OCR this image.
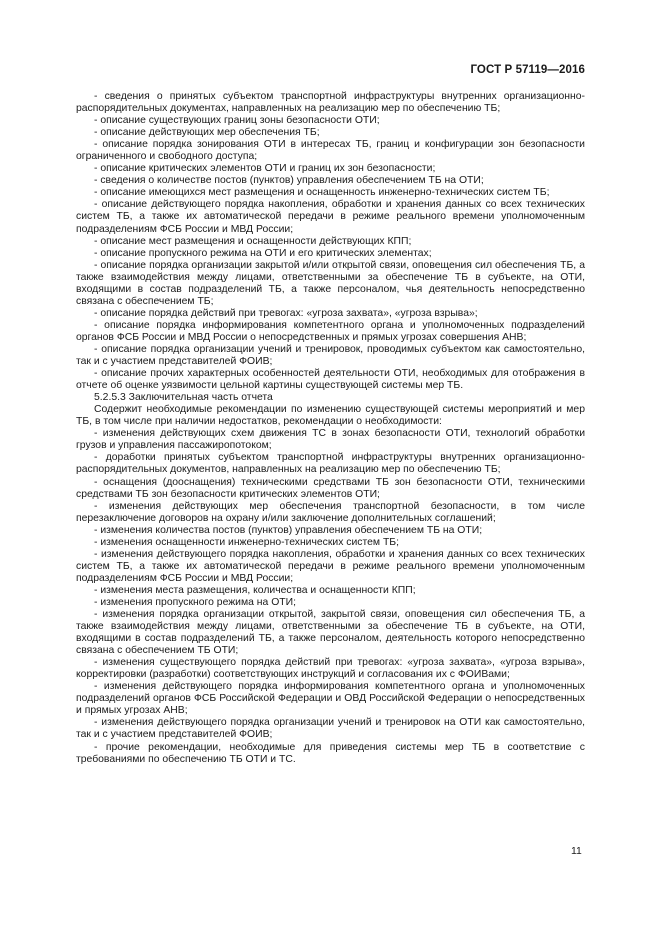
ГОСТ Р 57119—2016

- сведения о принятых субъектом транспортной инфраструктуры внутренних организационно-распорядительных документах, направленных на реализацию мер по обеспечению ТБ;

- описание существующих границ зоны безопасности ОТИ;

- описание действующих мер обеспечения ТБ;

- описание порядка зонирования ОТИ в интересах ТБ, границ и конфигурации зон безопасности ограниченного и свободного доступа;

- описание критических элементов ОТИ и границ их зон безопасности;

- сведения о количестве постов (пунктов) управления обеспечением ТБ на ОТИ;

- описание имеющихся мест размещения и оснащенность инженерно-технических систем ТБ;

- описание действующего порядка накопления, обработки и хранения данных со всех технических систем ТБ, а также их автоматической передачи в режиме реального времени уполномоченным подразделениям ФСБ России и МВД России;

- описание мест размещения и оснащенности действующих КПП;

- описание пропускного режима на ОТИ и его критических элементах;

- описание порядка организации закрытой и/или открытой связи, оповещения сил обеспечения ТБ, а также взаимодействия между лицами, ответственными за обеспечение ТБ в субъекте, на ОТИ, входящими в состав подразделений ТБ, а также персоналом, чья деятельность непосредственно связана с обеспечением ТБ;

- описание порядка действий при тревогах: «угроза захвата», «угроза взрыва»;

- описание порядка информирования компетентного органа и уполномоченных подразделений органов ФСБ России и МВД России о непосредственных и прямых угрозах совершения АНВ;

- описание порядка организации учений и тренировок, проводимых субъектом как самостоятельно, так и с участием представителей ФОИВ;

- описание прочих характерных особенностей деятельности ОТИ, необходимых для отображения в отчете об оценке уязвимости цельной картины существующей системы мер ТБ.

5.2.5.3 Заключительная часть отчета

Содержит необходимые рекомендации по изменению существующей системы мероприятий и мер ТБ, в том числе при наличии недостатков, рекомендации о необходимости:

- изменения действующих схем движения ТС в зонах безопасности ОТИ, технологий обработки грузов и управления пассажиропотоком;

- доработки принятых субъектом транспортной инфраструктуры внутренних организационно-распорядительных документов, направленных на реализацию мер по обеспечению ТБ;

- оснащения (дооснащения) техническими средствами ТБ зон безопасности ОТИ, техническими средствами ТБ зон безопасности критических элементов ОТИ;

- изменения действующих мер обеспечения транспортной безопасности, в том числе перезаключение договоров на охрану и/или заключение дополнительных соглашений;

- изменения количества постов (пунктов) управления обеспечением ТБ на ОТИ;

- изменения оснащенности инженерно-технических систем ТБ;

- изменения действующего порядка накопления, обработки и хранения данных со всех технических систем ТБ, а также их автоматической передачи в режиме реального времени уполномоченным подразделениям ФСБ России и МВД России;

- изменения места размещения, количества и оснащенности КПП;

- изменения пропускного режима на ОТИ;

- изменения порядка организации открытой, закрытой связи, оповещения сил обеспечения ТБ, а также взаимодействия между лицами, ответственными за обеспечение ТБ в субъекте, на ОТИ, входящими в состав подразделений ТБ, а также персоналом, деятельность которого непосредственно связана с обеспечением ТБ ОТИ;

- изменения существующего порядка действий при тревогах: «угроза захвата», «угроза взрыва», корректировки (разработки) соответствующих инструкций и согласования их с ФОИВами;

- изменения действующего порядка информирования компетентного органа и уполномоченных подразделений органов ФСБ Российской Федерации и ОВД Российской Федерации о непосредственных и прямых угрозах АНВ;

- изменения действующего порядка организации учений и тренировок на ОТИ как самостоятельно, так и с участием представителей ФОИВ;

- прочие рекомендации, необходимые для приведения системы мер ТБ в соответствие с требованиями по обеспечению ТБ ОТИ и ТС.

11
